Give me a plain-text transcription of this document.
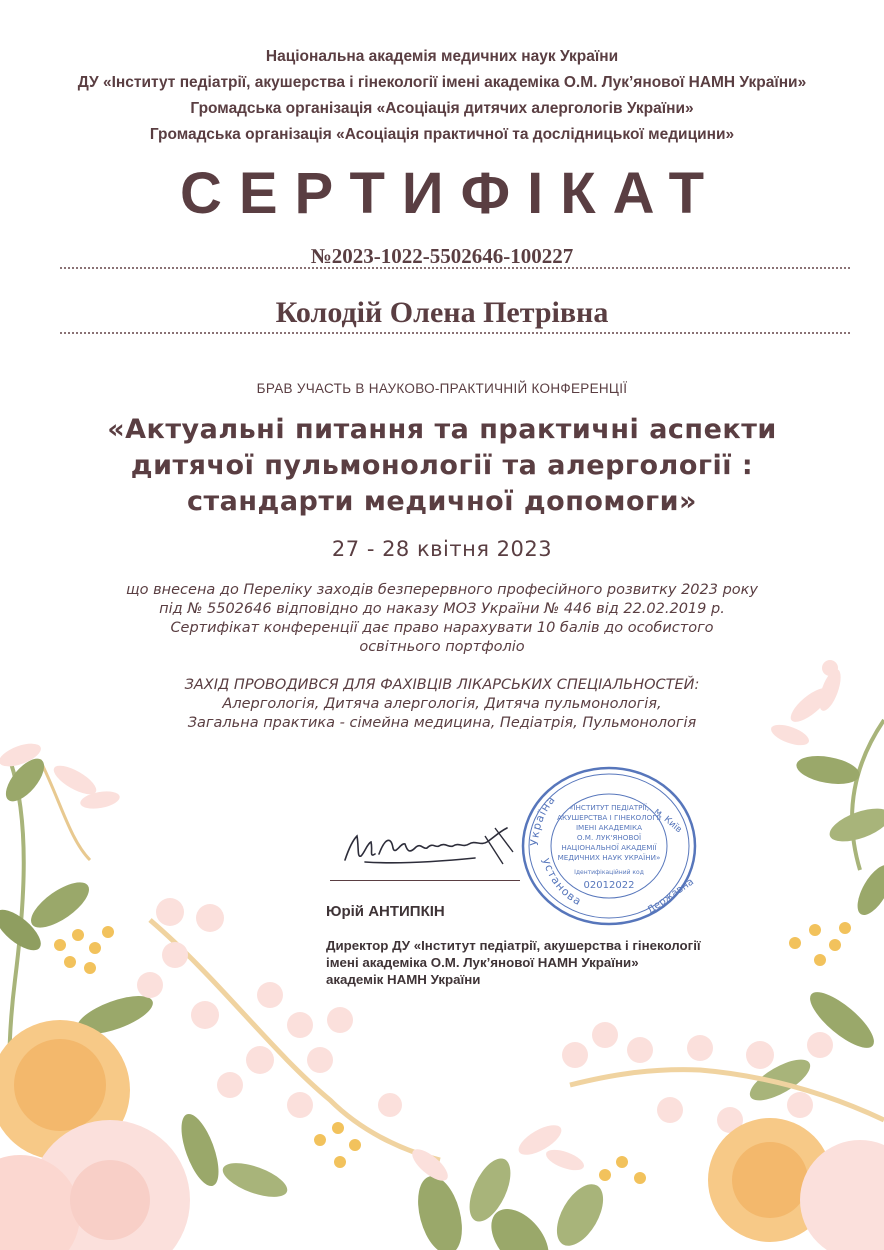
Національна академія медичних наук України
ДУ «Інститут педіатрії, акушерства і гінекології імені академіка О.М. Лук’янової НАМН України»
Громадська організація «Асоціація дитячих алергологів України»
Громадська організація «Асоціація практичної та дослідницької медицини»
СЕРТИФІКАТ
№2023-1022-5502646-100227
Колодій Олена Петрівна
БРАВ УЧАСТЬ В НАУКОВО-ПРАКТИЧНІЙ КОНФЕРЕНЦІЇ
«Актуальні питання та практичні аспекти
дитячої пульмонології та алергології :
стандарти медичної допомоги»
27 - 28 квітня 2023
що внесена до Переліку заходів безперервного професійного розвитку 2023 року
під № 5502646 відповідно до наказу МОЗ України № 446 від 22.02.2019 р.
Сертифікат конференції дає право нарахувати 10 балів до особистого
освітнього портфолio
ЗАХІД ПРОВОДИВСЯ ДЛЯ ФАХІВЦІВ ЛІКАРСЬКИХ СПЕЦІАЛЬНОСТЕЙ:
Алергологія, Дитяча алергологія, Дитяча пульмонологія,
Загальна практика - сімейна медицина, Педіатрія, Пульмонологія
Україна
м. Київ
установа	Державна
«ІНСТИТУТ ПЕДІАТРІЇ,
АКУШЕРСТВА І ГІНЕКОЛОГІЇ
ІМЕНІ АКАДЕМІКА
О.М. ЛУК'ЯНОВОЇ
НАЦІОНАЛЬНОЇ АКАДЕМІЇ
МЕДИЧНИХ НАУК УКРАЇНИ»
Ідентифікаційний код
02012022
Юрій АНТИПКІН
Директор ДУ «Інститут педіатрії, акушерства і гінекології
імені академіка О.М. Лук’янової НАМН України»
академік НАМН України
